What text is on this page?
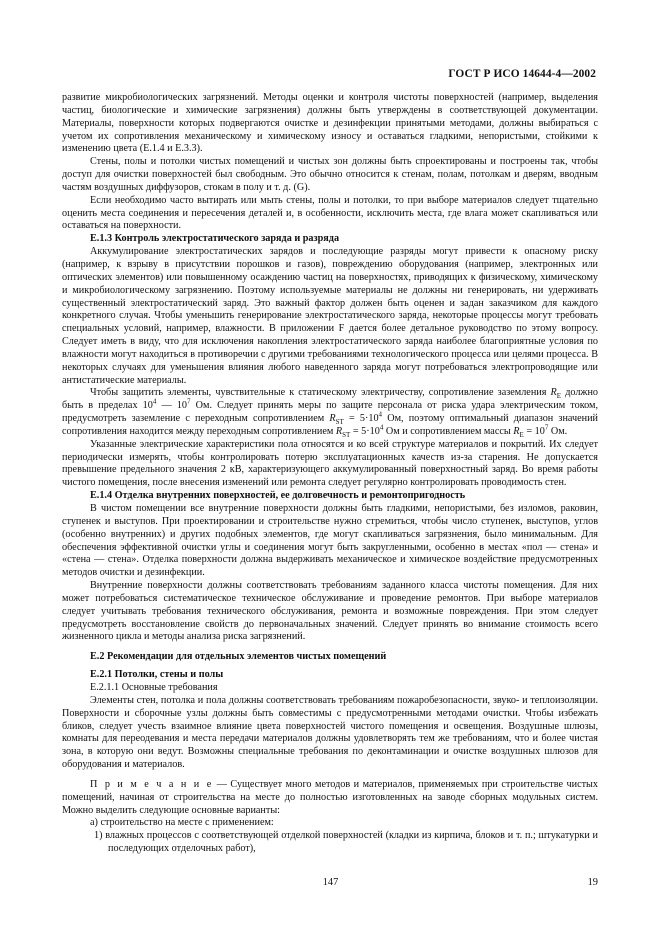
ГОСТ Р ИСО 14644-4—2002

развитие микробиологических загрязнений. Методы оценки и контроля чистоты поверхностей (например, выделения частиц, биологические и химические загрязнения) должны быть утверждены в соответствующей документации. Материалы, поверхности которых подвергаются очистке и дезинфекции принятыми методами, должны выбираться с учетом их сопротивления механическому и химическому износу и оставаться гладкими, непористыми, стойкими к изменению цвета (Е.1.4 и Е.3.3).

Стены, полы и потолки чистых помещений и чистых зон должны быть спроектированы и построены так, чтобы доступ для очистки поверхностей был свободным. Это обычно относится к стенам, полам, потолкам и дверям, вводным частям воздушных диффузоров, стокам в полу и т. д. (G).

Если необходимо часто вытирать или мыть стены, полы и потолки, то при выборе материалов следует тщательно оценить места соединения и пересечения деталей и, в особенности, исключить места, где влага может скапливаться или оставаться на поверхности.

Е.1.3 Контроль электростатического заряда и разряда

Аккумулирование электростатических зарядов и последующие разряды могут привести к опасному риску (например, к взрыву в присутствии порошков и газов), повреждению оборудования (например, электронных или оптических элементов) или повышенному осаждению частиц на поверхностях, приводящих к физическому, химическому и микробиологическому загрязнению. Поэтому используемые материалы не должны ни генерировать, ни удерживать существенный электростатический заряд. Это важный фактор должен быть оценен и задан заказчиком для каждого конкретного случая. Чтобы уменьшить генерирование электростатического заряда, некоторые процессы могут требовать специальных условий, например, влажности. В приложении F дается более детальное руководство по этому вопросу. Следует иметь в виду, что для исключения накопления электростатического заряда наиболее благоприятные условия по влажности могут находиться в противоречии с другими требованиями технологического процесса или целями процесса. В некоторых случаях для уменьшения влияния любого наведенного заряда могут потребоваться электропроводящие или антистатические материалы.

Чтобы защитить элементы, чувствительные к статическому электричеству, сопротивление заземления $R_E$ должно быть в пределах $10^4$ — $10^7$ Ом. Следует принять меры по защите персонала от риска удара электрическим током, предусмотреть заземление с переходным сопротивлением $R_{ST} = 5\cdot 10^4$ Ом, поэтому оптимальный диапазон значений сопротивления находится между переходным сопротивлением $R_{ST} = 5\cdot 10^4$ Ом и сопротивлением массы $R_E = 10^7$ Ом.

Указанные электрические характеристики пола относятся и ко всей структуре материалов и покрытий. Их следует периодически измерять, чтобы контролировать потерю эксплуатационных качеств из-за старения. Не допускается превышение предельного значения 2 кВ, характеризующего аккумулированный поверхностный заряд. Во время работы чистого помещения, после внесения изменений или ремонта следует регулярно контролировать проводимость стен.

Е.1.4 Отделка внутренних поверхностей, ее долговечность и ремонтопригодность

В чистом помещении все внутренние поверхности должны быть гладкими, непористыми, без изломов, раковин, ступенек и выступов. При проектировании и строительстве нужно стремиться, чтобы число ступенек, выступов, углов (особенно внутренних) и других подобных элементов, где могут скапливаться загрязнения, было минимальным. Для обеспечения эффективной очистки углы и соединения могут быть закругленными, особенно в местах «пол — стена» и «стена — стена». Отделка поверхности должна выдерживать механическое и химическое воздействие предусмотренных методов очистки и дезинфекции.

Внутренние поверхности должны соответствовать требованиям заданного класса чистоты помещения. Для них может потребоваться систематическое техническое обслуживание и проведение ремонтов. При выборе материалов следует учитывать требования технического обслуживания, ремонта и возможные повреждения. При этом следует предусмотреть восстановление свойств до первоначальных значений. Следует принять во внимание стоимость всего жизненного цикла и методы анализа риска загрязнений.

Е.2 Рекомендации для отдельных элементов чистых помещений

Е.2.1 Потолки, стены и полы

Е.2.1.1 Основные требования

Элементы стен, потолка и пола должны соответствовать требованиям пожаробезопасности, звуко- и теплоизоляции. Поверхности и сборочные узлы должны быть совместимы с предусмотренными методами очистки. Чтобы избежать бликов, следует учесть взаимное влияние цвета поверхностей чистого помещения и освещения. Воздушные шлюзы, комнаты для переодевания и места передачи материалов должны удовлетворять тем же требованиям, что и более чистая зона, в которую они ведут. Возможны специальные требования по деконтаминации и очистке воздушных шлюзов для оборудования и материалов.

П р и м е ч а н и е — Существует много методов и материалов, применяемых при строительстве чистых помещений, начиная от строительства на месте до полностью изготовленных на заводе сборных модульных систем. Можно выделить следующие основные варианты:

а) строительство на месте с применением:

1) влажных процессов с соответствующей отделкой поверхностей (кладки из кирпича, блоков и т. п.; штукатурки и последующих отделочных работ),

147	19
